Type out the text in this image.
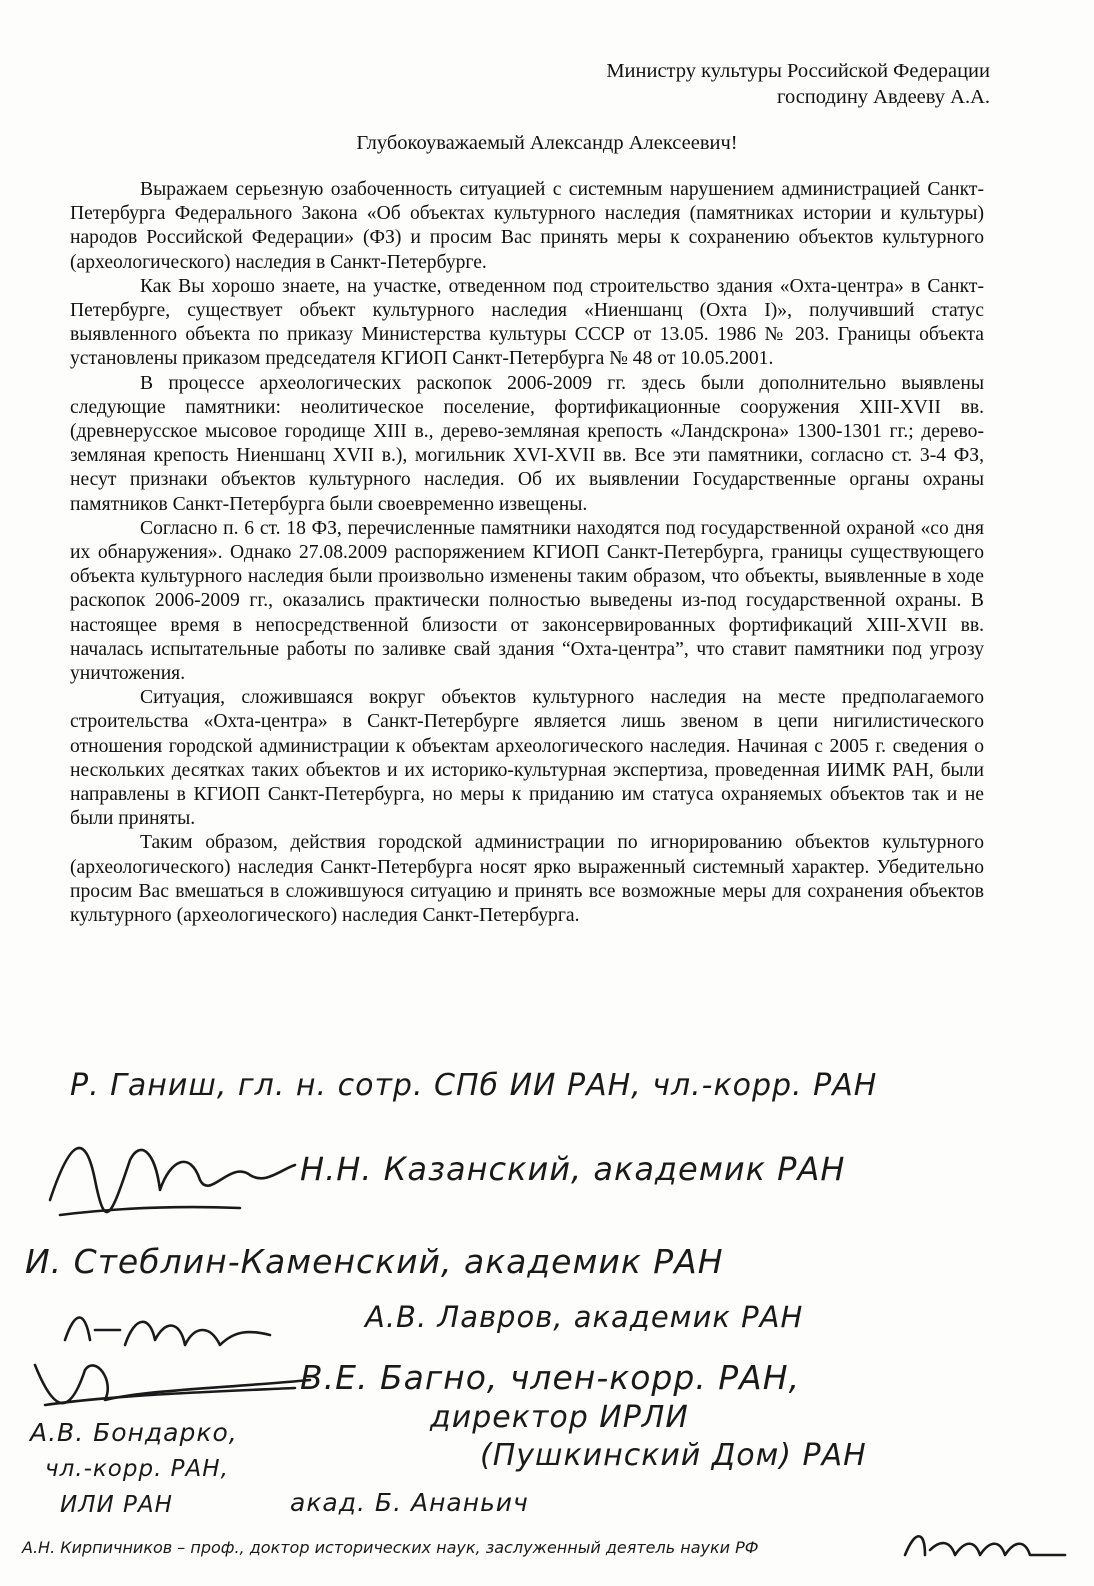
Министру культуры Российской Федерации
господину Авдееву А.А.
Глубокоуважаемый Александр Алексеевич!

Выражаем серьезную озабоченность ситуацией с системным нарушением администрацией Санкт-Петербурга Федерального Закона «Об объектах культурного наследия (памятниках истории и культуры) народов Российской Федерации» (ФЗ) и просим Вас принять меры к сохранению объектов культурного (археологического) наследия в Санкт-Петербурге.

Как Вы хорошо знаете, на участке, отведенном под строительство здания «Охта-центра» в Санкт-Петербурге, существует объект культурного наследия «Ниеншанц (Охта I)», получивший статус выявленного объекта по приказу Министерства культуры СССР от 13.05. 1986 № 203. Границы объекта установлены приказом председателя КГИОП Санкт-Петербурга № 48 от 10.05.2001.

В процессе археологических раскопок 2006-2009 гг. здесь были дополнительно выявлены следующие памятники: неолитическое поселение, фортификационные сооружения XIII-XVII вв. (древнерусское мысовое городище XIII в., дерево-земляная крепость «Ландскрона» 1300-1301 гг.; дерево-земляная крепость Ниеншанц XVII в.), могильник XVI-XVII вв. Все эти памятники, согласно ст. 3-4 ФЗ, несут признаки объектов культурного наследия. Об их выявлении Государственные органы охраны памятников Санкт-Петербурга были своевременно извещены.

Согласно п. 6 ст. 18 ФЗ, перечисленные памятники находятся под государственной охраной «со дня их обнаружения». Однако 27.08.2009 распоряжением КГИОП Санкт-Петербурга, границы существующего объекта культурного наследия были произвольно изменены таким образом, что объекты, выявленные в ходе раскопок 2006-2009 гг., оказались практически полностью выведены из-под государственной охраны. В настоящее время в непосредственной близости от законсервированных фортификаций XIII-XVII вв. началась испытательные работы по заливке свай здания “Охта-центра”, что ставит памятники под угрозу уничтожения.

Ситуация, сложившаяся вокруг объектов культурного наследия на месте предполагаемого строительства «Охта-центра» в Санкт-Петербурге является лишь звеном в цепи нигилистического отношения городской администрации к объектам археологического наследия. Начиная с 2005 г. сведения о нескольких десятках таких объектов и их историко-культурная экспертиза, проведенная ИИМК РАН, были направлены в КГИОП Санкт-Петербурга, но меры к приданию им статуса охраняемых объектов так и не были приняты.

Таким образом, действия городской администрации по игнорированию объектов культурного (археологического) наследия Санкт-Петербурга носят ярко выраженный системный характер. Убедительно просим Вас вмешаться в сложившуюся ситуацию и принять все возможные меры для сохранения объектов культурного (археологического) наследия Санкт-Петербурга.

Р. Ганиш, гл. н. сотр. СПб ИИ РАН, чл.-корр. РАН
Н.Н. Казанский, академик РАН
И. Стеблин-Каменский, академик РАН
А.В. Лавров, академик РАН
В.Е. Багно, член-корр. РАН,
директор ИРЛИ
(Пушкинский Дом) РАН
А.В. Бондарко,
чл.-корр. РАН,
ИЛИ РАН	акад. Б. Ананьич
А.Н. Кирпичников – проф., доктор исторических наук, заслуженный деятель науки РФ
